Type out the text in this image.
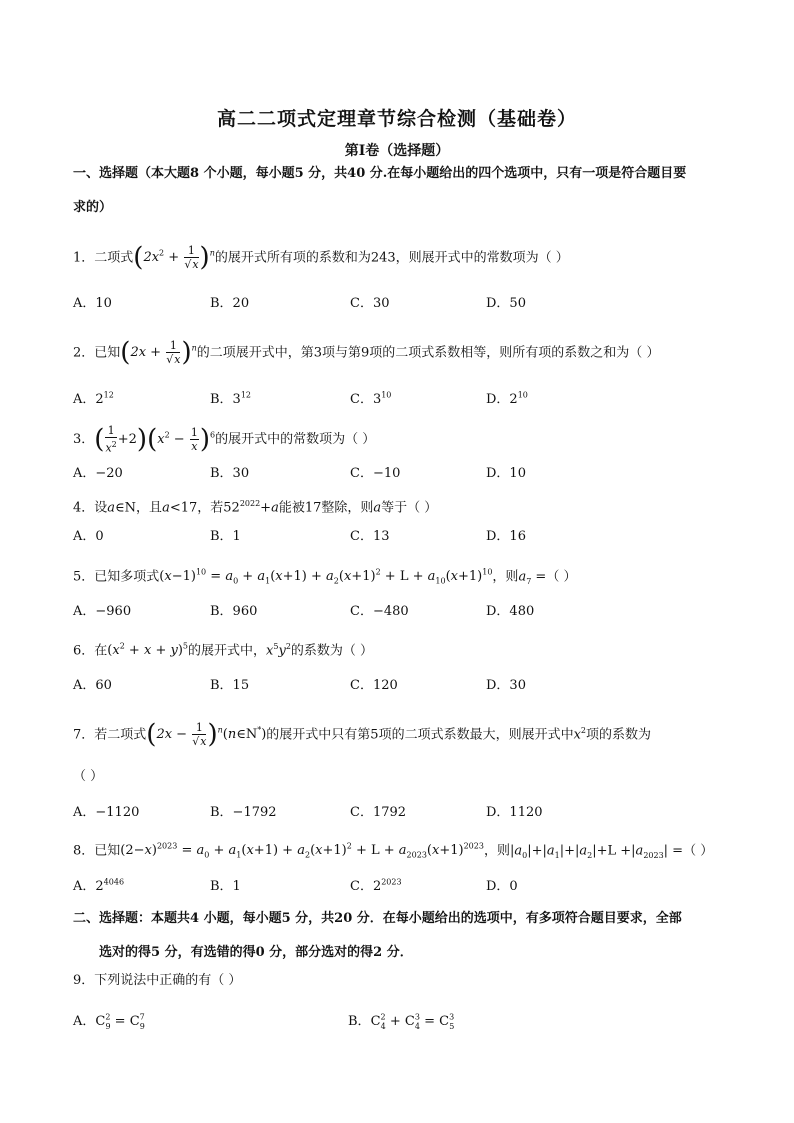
高二二项式定理章节综合检测（基础卷）
第Ⅰ卷（选择题）
一、选择题（本大题8 个小题，每小题5 分，共40 分.在每小题给出的四个选项中，只有一项是符合题目要
求的）
1．二项式$(2x^2 + \frac{1}{√x} )^n$的展开式所有项的系数和为243，则展开式中的常数项为（ ）
A．10	B．20	C．30	D．50
2．已知$(2x + \frac{1}{√x} )^n$的二项展开式中，第3项与第9项的二项式系数相等，则所有项的系数之和为（ ）
A．$2^{12}$	B．$3^{12}$	C．$3^{10}$	D．$2^{10}$
3．( $\frac{1}{x^2} +2)(x^2 - \frac{1}{x} )^6$的展开式中的常数项为（ ）
A．−20	B．30	C．−10	D．10
4．设a∈N，且a<17，若$52^{2022}+a$能被17整除，则a等于（ ）
A．0	B．1	C．13	D．16
5．已知多项式$(x-1)^{10} = a_0 + a_1(x+1) + a_2(x+1)^2 + L + a_{10}(x+1)^{10}$，则$a_7$ =（ ）
A．−960	B．960	C．−480	D．480
6．在$(x^2 + x + y)^5$的展开式中，$x^5y^2$的系数为（ ）
A．60	B．15	C．120	D．30
7．若二项式($2x - \frac{1}{√x}$ )$^n(n\in N^*)$的展开式中只有第5项的二项式系数最大，则展开式中$x^2$项的系数为
（ ）
A．−1120	B．−1792	C．1792	D．1120
8．已知$(2-x)^{2023} = a_0 + a_1(x+1) + a_2(x+1)^2 + L + a_{2023}(x+1)^{2023}$，则$|a_0|+|a_1|+|a_2|+L +|a_{2023}|$ =（ ）
A．$2^{4046}$	B．1	C．$2^{2023}$	D．0
二、选择题：本题共4 小题，每小题5 分，共20 分．在每小题给出的选项中，有多项符合题目要求，全部
选对的得5 分，有选错的得0 分，部分选对的得2 分．
9．下列说法中正确的有（ ）
A．$C^2_9 = C^7_9$	B．$C^2_4 + C^3_4 = C^3_5$
